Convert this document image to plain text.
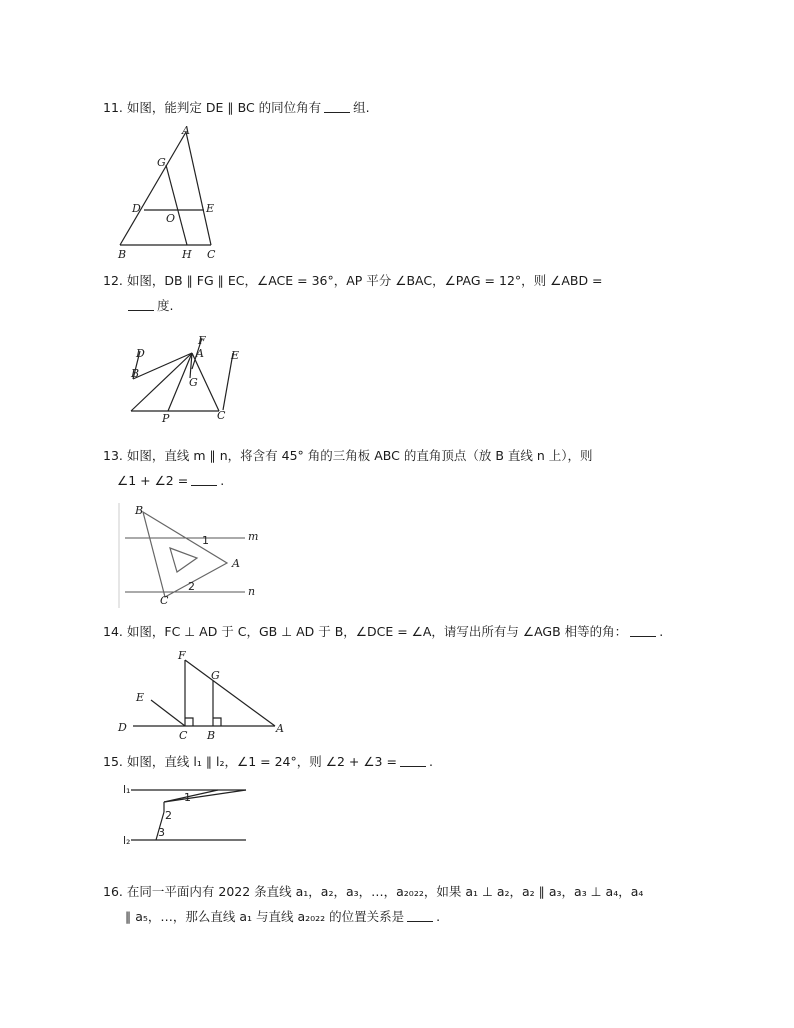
11. 如图，能判定 DE ∥ BC 的同位角有	组.
A
G
D	E
O
B	H C
12. 如图，DB ∥ FG ∥ EC，∠ACE = 36°，AP 平分 ∠BAC，∠PAG = 12°，则 ∠ABD =
度.
F
D	A E
B
G
P	C
13. 如图，直线 m ∥ n，将含有 45° 角的三角板 ABC 的直角顶点（放 B 直线 n 上），则
∠1 + ∠2 =	.
B
m
1
A
n
2
C
14. 如图，FC ⊥ AD 于 C，GB ⊥ AD 于 B，∠DCE = ∠A，请写出所有与 ∠AGB 相等的角：	.
F
G
E
D
C B
A
15. 如图，直线 l₁ ∥ l₂，∠1 = 24°，则 ∠2 + ∠3 =	.
l₁
l₂
1
2
3
16. 在同一平面内有 2022 条直线 a₁，a₂，a₃，…，a₂₀₂₂，如果 a₁ ⊥ a₂，a₂ ∥ a₃，a₃ ⊥ a₄，a₄
∥ a₅，…，那么直线 a₁ 与直线 a₂₀₂₂ 的位置关系是	.
